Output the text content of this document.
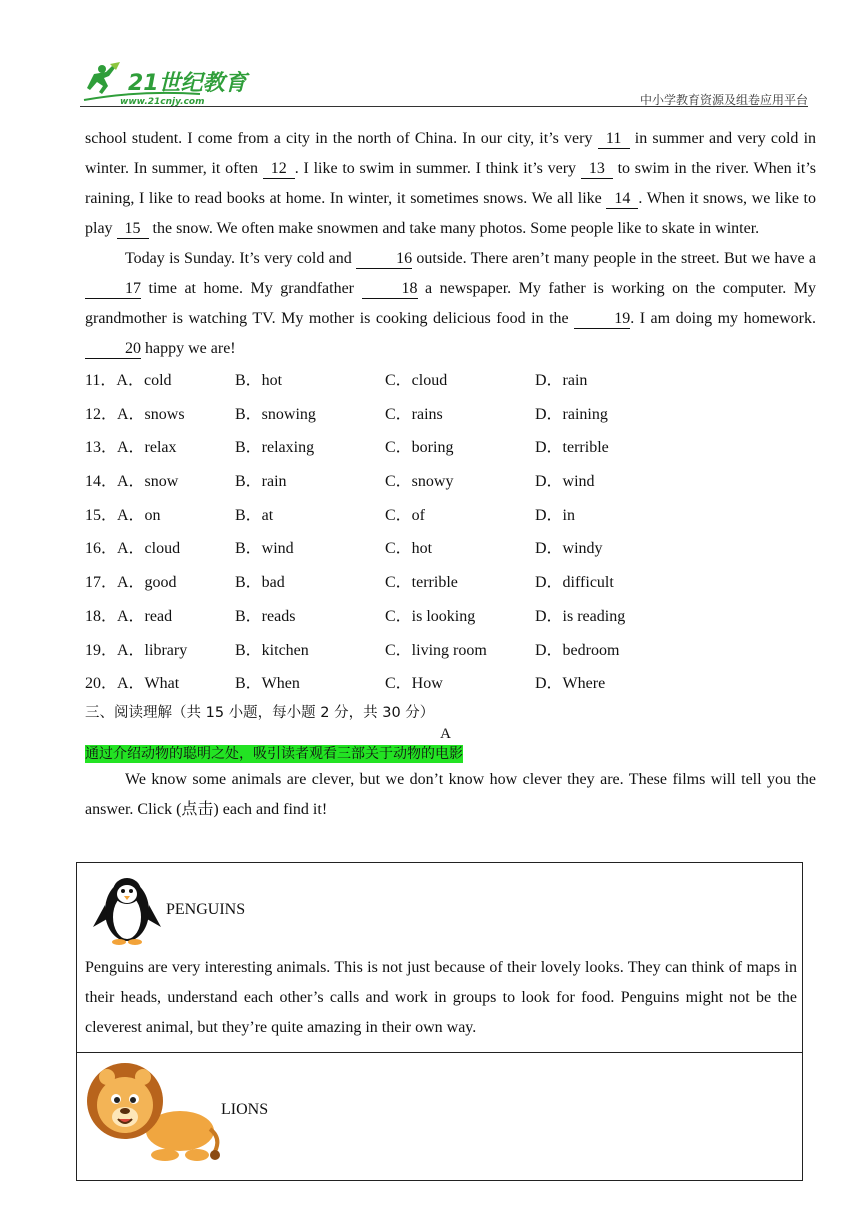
21世纪教育
www.21cnjy.com	中小学教育资源及组卷应用平台

school student. I come from a city in the north of China. In our city, it’s very 11 in summer and very cold in winter. In summer, it often 12 . I like to swim in summer. I think it’s very 13 to swim in the river. When it’s raining, I like to read books at home. In winter, it sometimes snows. We all like 14 . When it snows, we like to play 15 the snow. We often make snowmen and take many photos. Some people like to skate in winter.

Today is Sunday. It’s very cold and	16 outside. There aren’t many people in the street. But we have a 17 time at home. My grandfather	18 a newspaper. My father is working on the computer. My grandmother is watching TV. My mother is cooking delicious food in the	19. I am doing my homework. 20 happy we are!

11．A．cold	B．hot	C．cloud	D．rain
12．A．snows	B．snowing	C．rains	D．raining
13．A．relax	B．relaxing	C．boring	D．terrible
14．A．snow	B．rain	C．snowy	D．wind
15．A．on	B．at	C．of	D．in
16．A．cloud	B．wind	C．hot	D．windy
17．A．good	B．bad	C．terrible	D．difficult
18．A．read	B．reads	C．is looking	D．is reading
19．A．library	B．kitchen	C．living room	D．bedroom
20．A．What	B．When	C．How	D．Where
三、阅读理解（共 15 小题，每小题 2 分，共 30 分）
A
通过介绍动物的聪明之处，吸引读者观看三部关于动物的电影

We know some animals are clever, but we don’t know how clever they are. These films will tell you the answer. Click (点击) each and find it!

PENGUINS
Penguins are very interesting animals. This is not just because of their lovely looks. They can think of maps in their heads, understand each other’s calls and work in groups to look for food. Penguins might not be the cleverest animal, but they’re quite amazing in their own way.
LIONS
